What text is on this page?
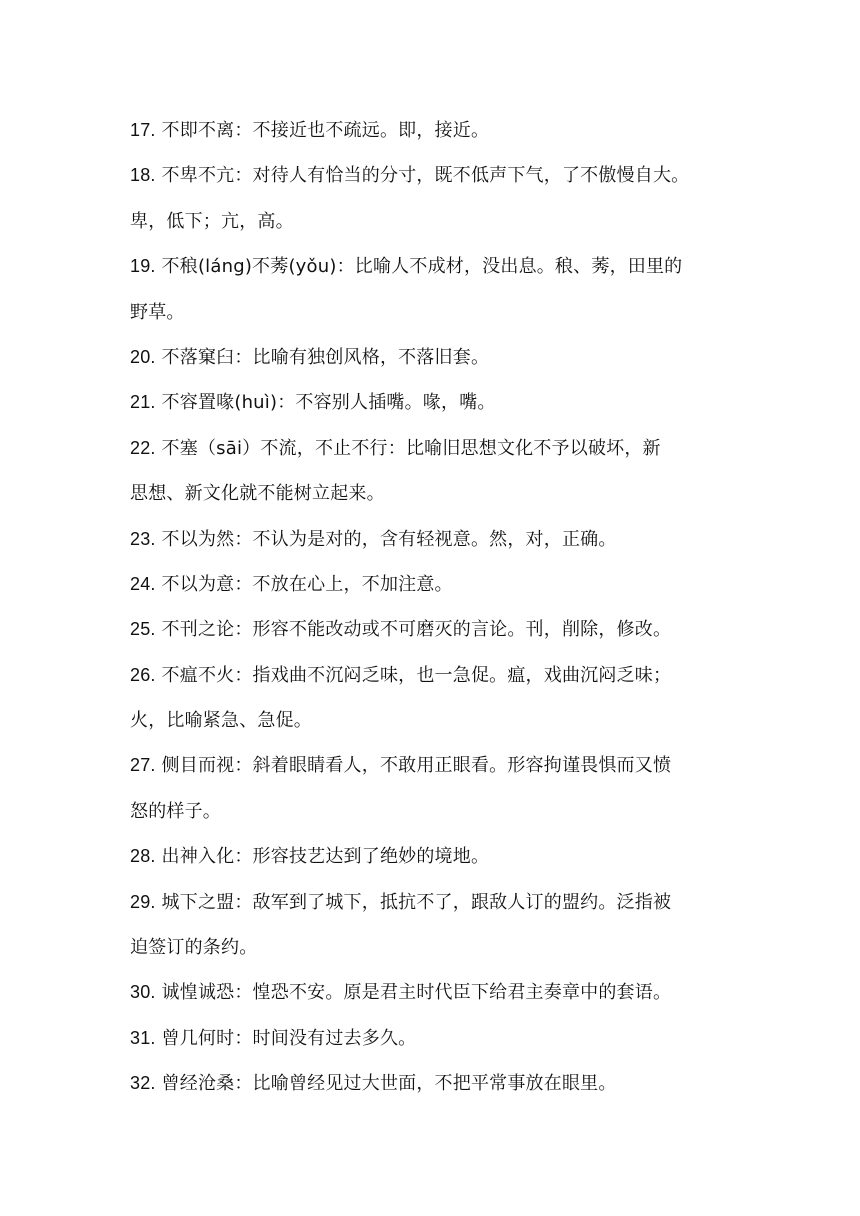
17. 不即不离：不接近也不疏远。即，接近。
18. 不卑不亢：对待人有恰当的分寸，既不低声下气，了不傲慢自大。
卑，低下；亢，高。
19. 不稂(láng)不莠(yǒu)：比喻人不成材，没出息。稂、莠，田里的
野草。
20. 不落窠臼：比喻有独创风格，不落旧套。
21. 不容置喙(huì)：不容别人插嘴。喙，嘴。
22. 不塞（sāi）不流，不止不行：比喻旧思想文化不予以破坏，新
思想、新文化就不能树立起来。
23. 不以为然：不认为是对的，含有轻视意。然，对，正确。
24. 不以为意：不放在心上，不加注意。
25. 不刊之论：形容不能改动或不可磨灭的言论。刊，削除，修改。
26. 不瘟不火：指戏曲不沉闷乏味，也一急促。瘟，戏曲沉闷乏味；
火，比喻紧急、急促。
27. 侧目而视：斜着眼睛看人，不敢用正眼看。形容拘谨畏惧而又愤
怒的样子。
28. 出神入化：形容技艺达到了绝妙的境地。
29. 城下之盟：敌军到了城下，抵抗不了，跟敌人订的盟约。泛指被
迫签订的条约。
30. 诚惶诚恐：惶恐不安。原是君主时代臣下给君主奏章中的套语。
31. 曾几何时：时间没有过去多久。
32. 曾经沧桑：比喻曾经见过大世面，不把平常事放在眼里。
